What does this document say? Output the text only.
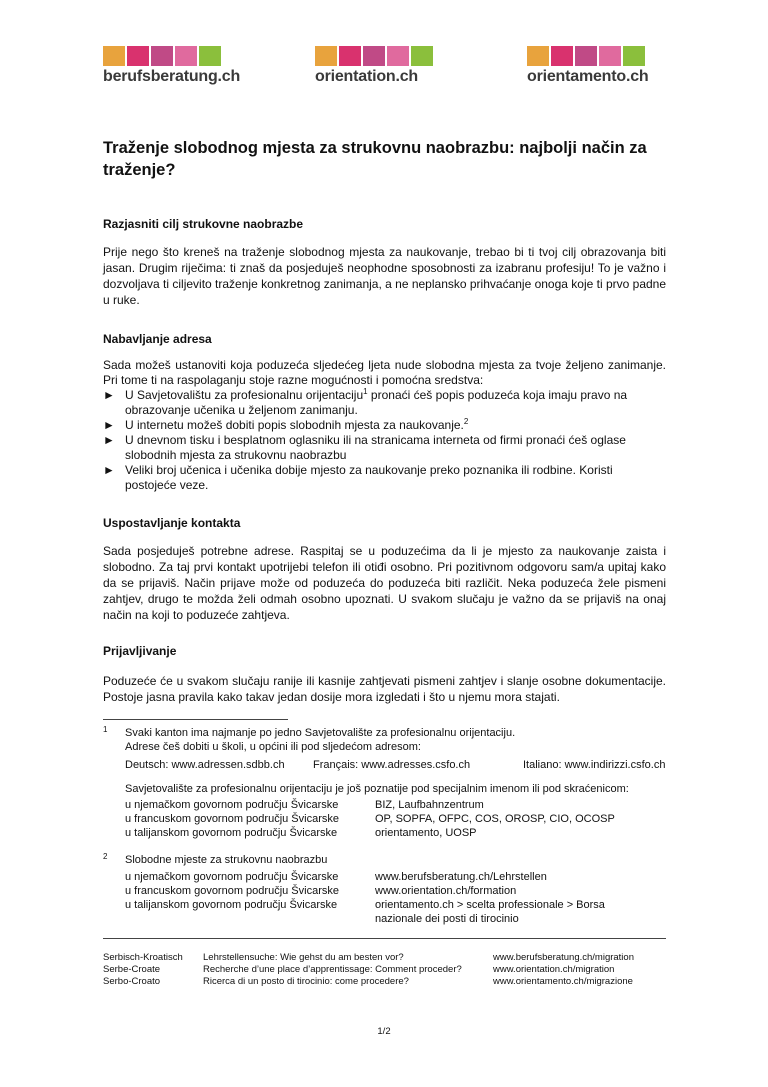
berufsberatung.ch	orientation.ch	orientamento.ch
Traženje slobodnog mjesta za strukovnu naobrazbu: najbolji način za traženje?
Razjasniti cilj strukovne naobrazbe

Prije nego što kreneš na traženje slobodnog mjesta za naukovanje, trebao bi ti tvoj cilj obrazovanja biti jasan. Drugim riječima: ti znaš da posjeduješ neophodne sposobnosti za izabranu profesiju! To je važno i dozvoljava ti ciljevito traženje konkretnog zanimanja, a ne neplansko prihvaćanje onoga koje ti prvo padne u ruke.

Nabavljanje adresa

Sada možeš ustanoviti koja poduzeća sljedećeg ljeta nude slobodna mjesta za tvoje željeno zanimanje. Pri tome ti na raspolaganju stoje razne mogućnosti i pomoćna sredstva:

► U Savjetovalištu za profesionalnu orijentaciju$^1$ pronaći ćeš popis poduzeća koja imaju pravo na obrazovanje učenika u željenom zanimanju.
► U internetu možeš dobiti popis slobodnih mjesta za naukovanje.$^2$
► U dnevnom tisku i besplatnom oglasniku ili na stranicama interneta od firmi pronaći ćeš oglase slobodnih mjesta za strukovnu naobrazbu
► Veliki broj učenica i učenika dobije mjesto za naukovanje preko poznanika ili rodbine. Koristi postojeće veze.
Uspostavljanje kontakta

Sada posjeduješ potrebne adrese. Raspitaj se u poduzećima da li je mjesto za naukovanje zaista i slobodno. Za taj prvi kontakt upotrijebi telefon ili otiđi osobno. Pri pozitivnom odgovoru sam/a upitaj kako da se prijaviš. Način prijave može od poduzeća do poduzeća biti različit. Neka poduzeća žele pismeni zahtjev, drugo te možda želi odmah osobno upoznati. U svakom slučaju je važno da se prijaviš na onaj način na koji to poduzeće zahtjeva.

Prijavljivanje

Poduzeće će u svakom slučaju ranije ili kasnije zahtjevati pismeni zahtjev i slanje osobne dokumentacije. Postoje jasna pravila kako takav jedan dosije mora izgledati i što u njemu mora stajati.

1 Svaki kanton ima najmanje po jedno Savjetovalište za profesionalnu orijentaciju.
Adrese češ dobiti u školi, u općini ili pod sljedećom adresom:
Deutsch: www.adressen.sdbb.ch	Français: www.adresses.csfo.ch	Italiano: www.indirizzi.csfo.ch
Savjetovalište za profesionalnu orijentaciju je još poznatije pod specijalnim imenom ili pod skraćenicom:
u njemačkom govornom području Švicarske	BIZ, Laufbahnzentrum
u francuskom govornom području Švicarske	OP, SOPFA, OFPC, COS, OROSP, CIO, OCOSP
u talijanskom govornom području Švicarske	orientamento, UOSP
2 Slobodne mjeste za strukovnu naobrazbu
u njemačkom govornom području Švicarske	www.berufsberatung.ch/Lehrstellen
u francuskom govornom području Švicarske	www.orientation.ch/formation
u talijanskom govornom području Švicarske	orientamento.ch > scelta professionale > Borsa
nazionale dei posti di tirocinio
Serbisch-Kroatisch	Lehrstellensuche: Wie gehst du am besten vor?	www.berufsberatung.ch/migration
Serbe-Croate	Recherche d’une place d’apprentissage: Comment proceder?	www.orientation.ch/migration
Serbo-Croato	Ricerca di un posto di tirocinio: come procedere?	www.orientamento.ch/migrazione
1/2
